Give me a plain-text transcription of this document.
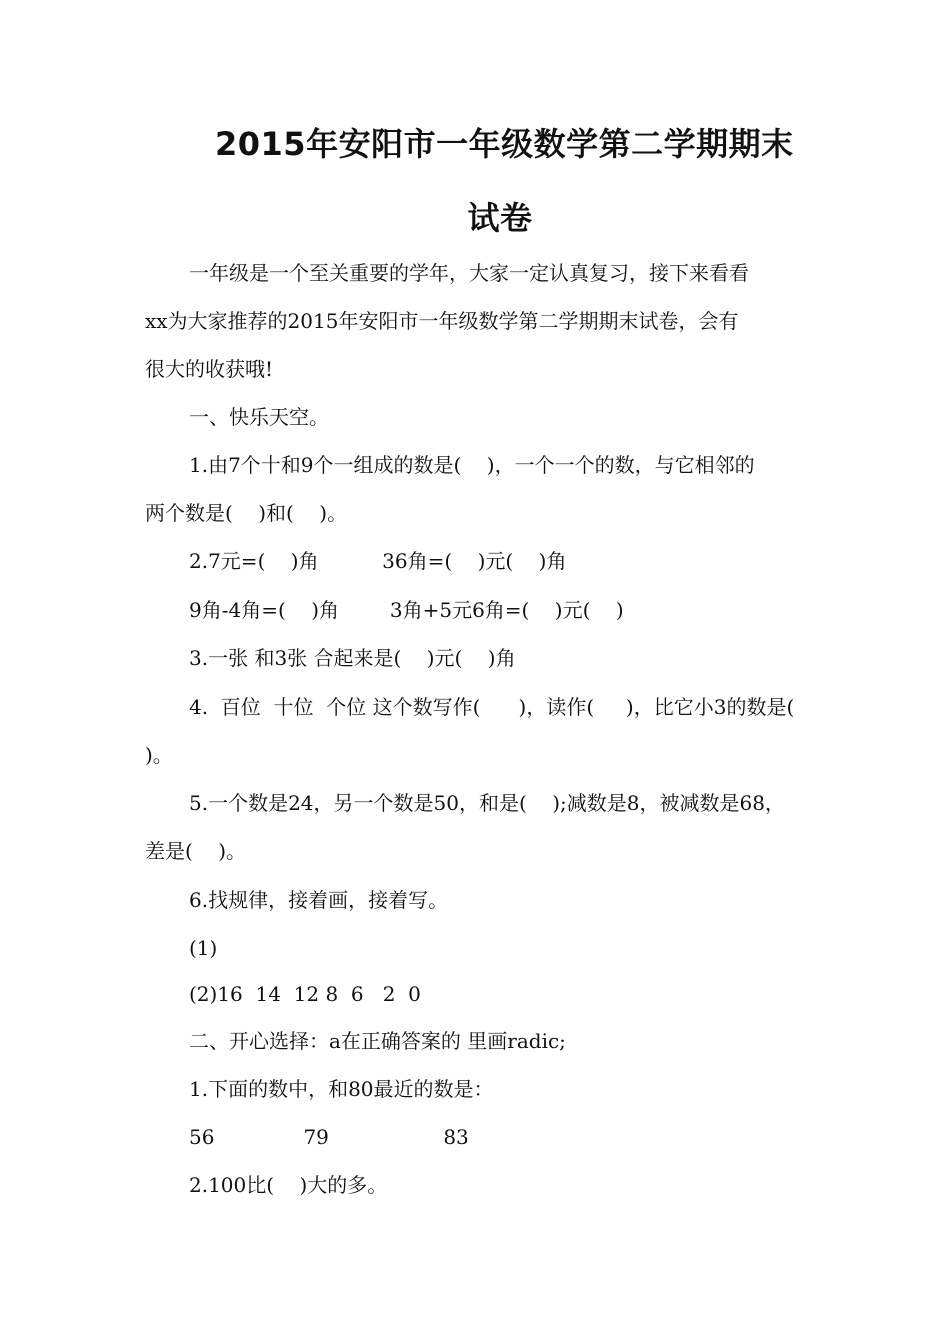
2015年安阳市一年级数学第二学期期末
试卷
一年级是一个至关重要的学年，大家一定认真复习，接下来看看
xx为大家推荐的2015年安阳市一年级数学第二学期期末试卷，会有
很大的收获哦!
一、快乐天空。
1.由7个十和9个一组成的数是(    )，一个一个的数，与它相邻的
两个数是(    )和(    )。
2.7元=(    )角          36角=(    )元(    )角
9角-4角=(    )角        3角+5元6角=(    )元(    )
3.一张 和3张 合起来是(    )元(    )角
4.  百位  十位  个位 这个数写作(      )，读作(     )，比它小3的数是(
)。
5.一个数是24，另一个数是50，和是(    );减数是8，被减数是68，
差是(    )。
6.找规律，接着画，接着写。
(1)
(2)16  14  12 8  6   2  0
二、开心选择：a在正确答案的 里画radic;
1.下面的数中，和80最近的数是：
56              79                  83
2.100比(    )大的多。
